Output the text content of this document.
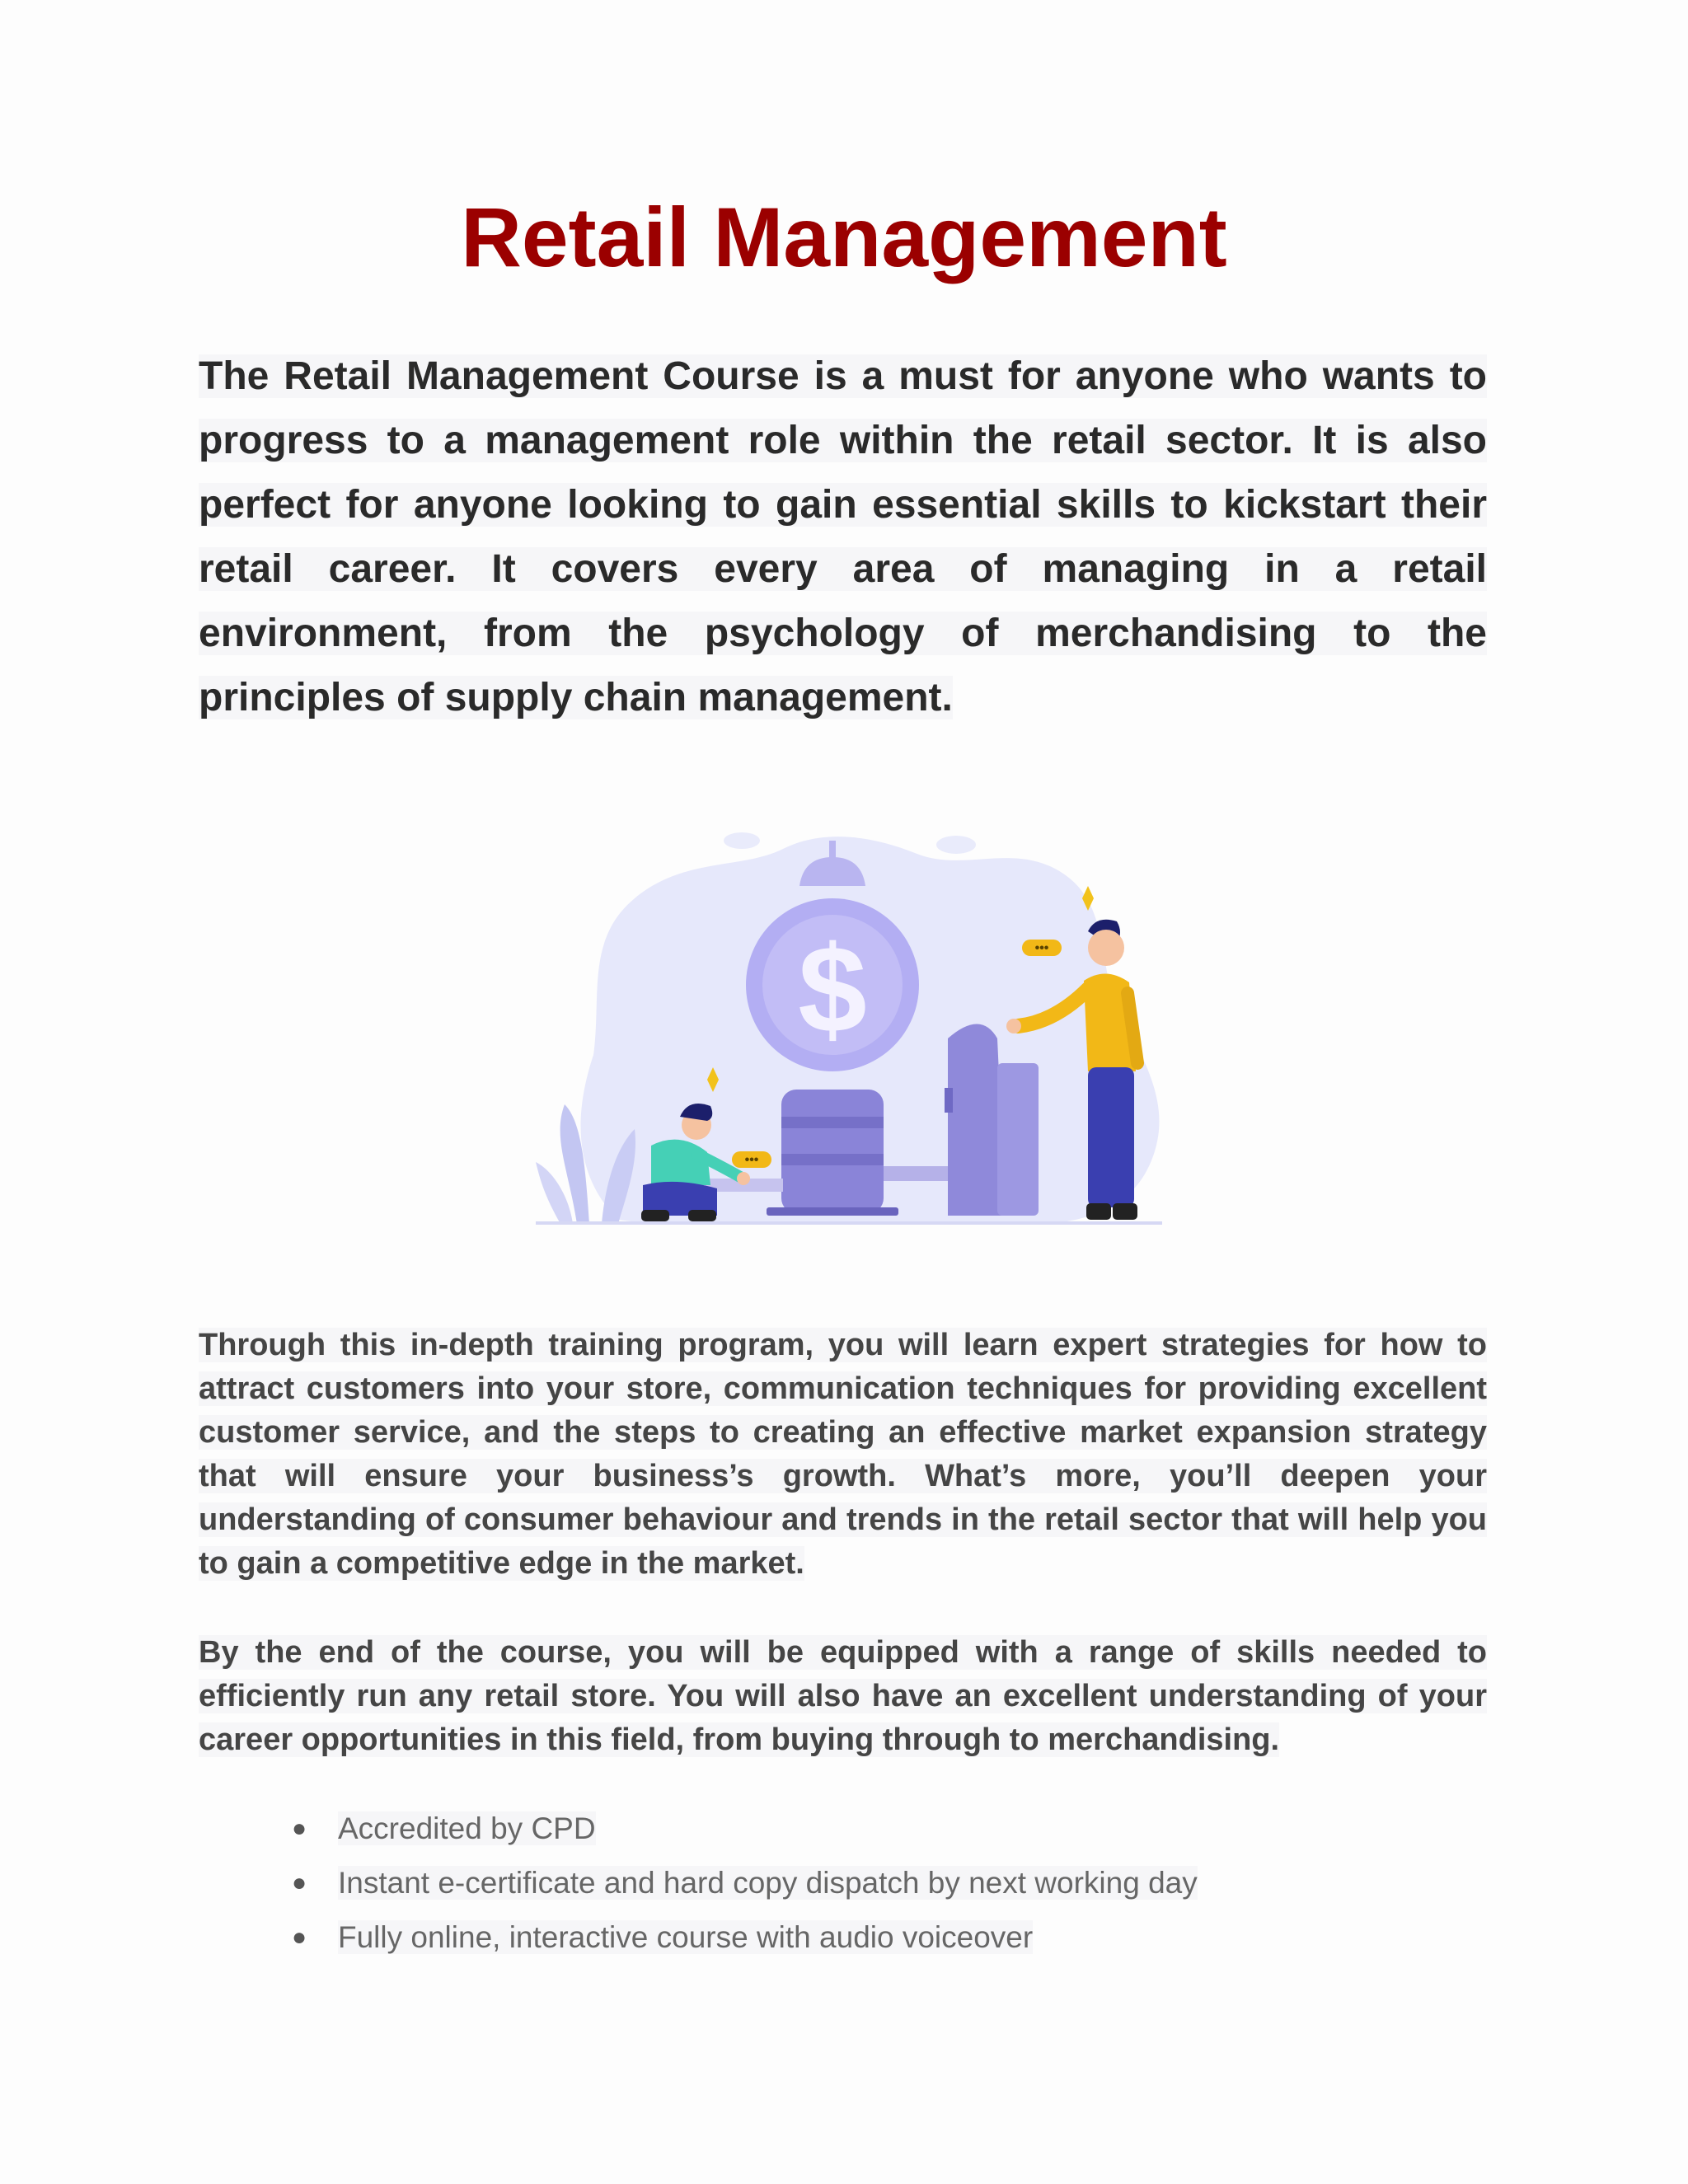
Retail Management

The Retail Management Course is a must for anyone who wants to progress to a management role within the retail sector. It is also perfect for anyone looking to gain essential skills to kickstart their retail career. It covers every area of managing in a retail environment, from the psychology of merchandising to the principles of supply chain management.

$	•••
•••

Through this in-depth training program, you will learn expert strategies for how to attract customers into your store, communication techniques for providing excellent customer service, and the steps to creating an effective market expansion strategy that will ensure your business’s growth. What’s more, you’ll deepen your understanding of consumer behaviour and trends in the retail sector that will help you to gain a competitive edge in the market.

By the end of the course, you will be equipped with a range of skills needed to efficiently run any retail store. You will also have an excellent understanding of your career opportunities in this field, from buying through to merchandising.

● Accredited by CPD
● Instant e-certificate and hard copy dispatch by next working day
● Fully online, interactive course with audio voiceover
